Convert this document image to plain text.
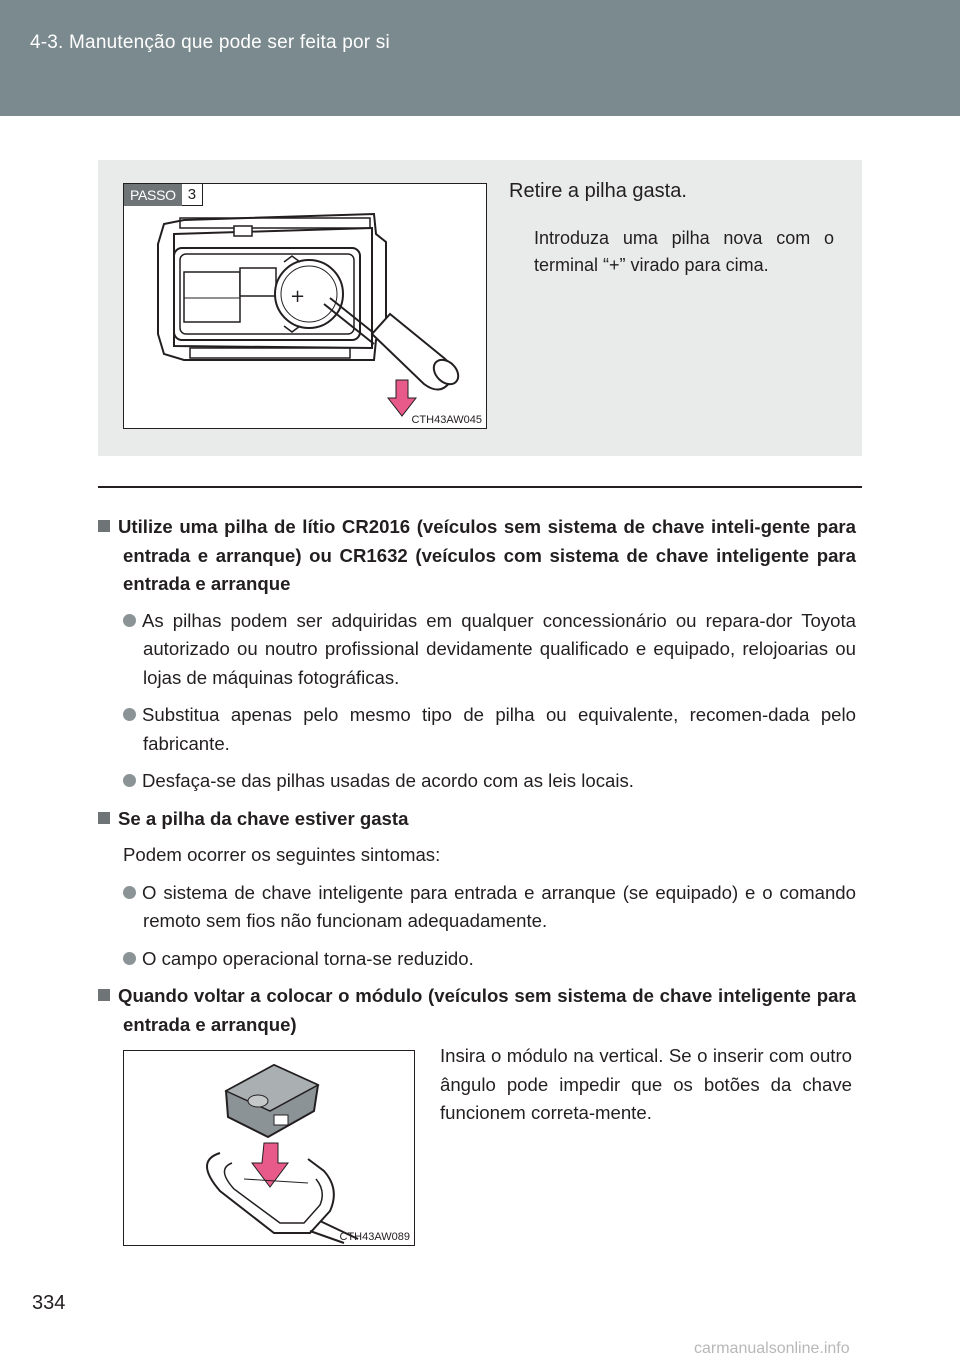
4-3. Manutenção que pode ser feita por si
PASSO 3
+
CTH43AW045
Retire a pilha gasta.
Introduza uma pilha nova com o terminal “+” virado para cima.
Utilize uma pilha de lítio CR2016 (veículos sem sistema de chave inteli-gente para entrada e arranque) ou CR1632 (veículos com sistema de chave inteligente para entrada e arranque
As pilhas podem ser adquiridas em qualquer concessionário ou repara-dor Toyota autorizado ou noutro profissional devidamente qualificado e equipado, relojoarias ou lojas de máquinas fotográficas.
Substitua apenas pelo mesmo tipo de pilha ou equivalente, recomen-dada pelo fabricante.
Desfaça-se das pilhas usadas de acordo com as leis locais.
Se a pilha da chave estiver gasta
Podem ocorrer os seguintes sintomas:
O sistema de chave inteligente para entrada e arranque (se equipado) e o comando remoto sem fios não funcionam adequadamente.
O campo operacional torna-se reduzido.
Quando voltar a colocar o módulo (veículos sem sistema de chave inteligente para entrada e arranque)
CTH43AW089
Insira o módulo na vertical. Se o inserir com outro ângulo pode impedir que os botões da chave funcionem correta-mente.
334
carmanualsonline.info
